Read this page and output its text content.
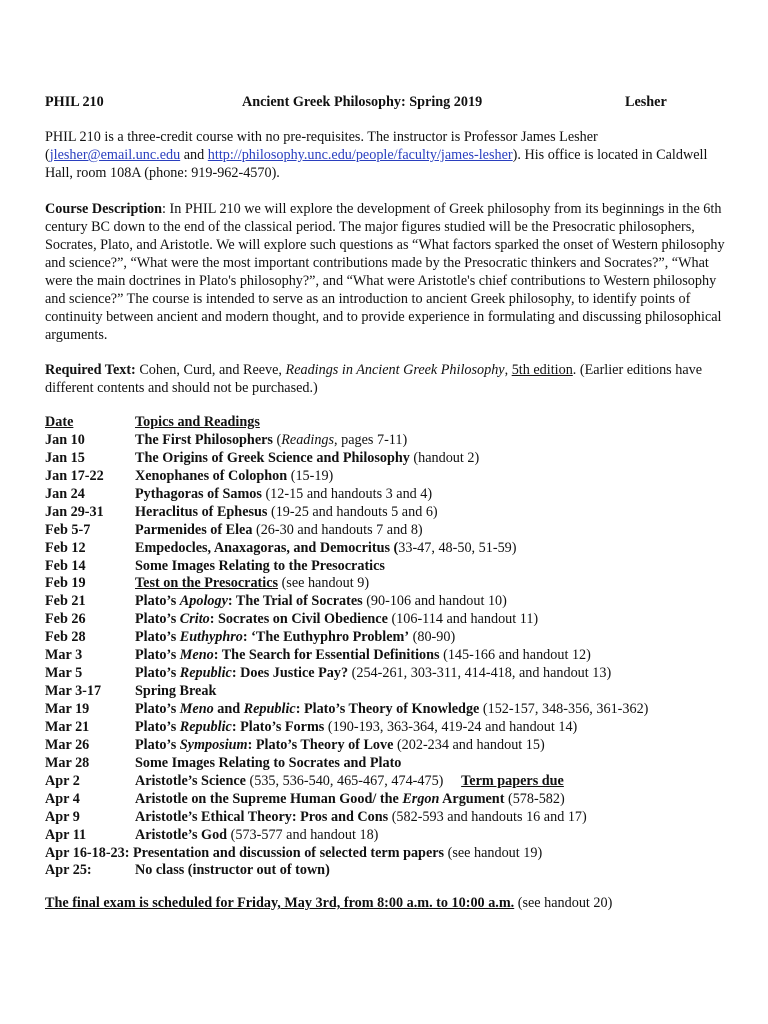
PHIL 210	Ancient Greek Philosophy: Spring 2019	Lesher

PHIL 210 is a three-credit course with no pre-requisites. The instructor is Professor James Lesher (jlesher@email.unc.edu and http://philosophy.unc.edu/people/faculty/james-lesher). His office is located in Caldwell Hall, room 108A (phone: 919-962-4570).

Course Description: In PHIL 210 we will explore the development of Greek philosophy from its beginnings in the 6th century BC down to the end of the classical period. The major figures studied will be the Presocratic philosophers, Socrates, Plato, and Aristotle. We will explore such questions as “What factors sparked the onset of Western philosophy and science?”, “What were the most important contributions made by the Presocratic thinkers and Socrates?”, “What were the main doctrines in Plato's philosophy?”, and “What were Aristotle's chief contributions to Western philosophy and science?” The course is intended to serve as an introduction to ancient Greek philosophy, to identify points of continuity between ancient and modern thought, and to provide experience in formulating and discussing philosophical arguments.

Required Text: Cohen, Curd, and Reeve, Readings in Ancient Greek Philosophy, 5th edition. (Earlier editions have different contents and should not be purchased.)

Date	Topics and Readings
Jan 10	The First Philosophers (Readings, pages 7-11)
Jan 15	The Origins of Greek Science and Philosophy (handout 2)
Jan 17-22 Xenophanes of Colophon (15-19)
Jan 24	Pythagoras of Samos (12-15 and handouts 3 and 4)
Jan 29-31 Heraclitus of Ephesus (19-25 and handouts 5 and 6)
Feb 5-7	Parmenides of Elea (26-30 and handouts 7 and 8)
Feb 12	Empedocles, Anaxagoras, and Democritus (33-47, 48-50, 51-59)
Feb 14	Some Images Relating to the Presocratics
Feb 19	Test on the Presocratics (see handout 9)
Feb 21	Plato’s Apology: The Trial of Socrates (90-106 and handout 10)
Feb 26	Plato’s Crito: Socrates on Civil Obedience (106-114 and handout 11)
Feb 28	Plato’s Euthyphro: ‘The Euthyphro Problem’ (80-90)
Mar 3	Plato’s Meno: The Search for Essential Definitions (145-166 and handout 12)
Mar 5	Plato’s Republic: Does Justice Pay? (254-261, 303-311, 414-418, and handout 13)
Mar 3-17 Spring Break
Mar 19	Plato’s Meno and Republic: Plato’s Theory of Knowledge (152-157, 348-356, 361-362)
Mar 21	Plato’s Republic: Plato’s Forms (190-193, 363-364, 419-24 and handout 14)
Mar 26	Plato’s Symposium: Plato’s Theory of Love (202-234 and handout 15)
Mar 28	Some Images Relating to Socrates and Plato
Apr 2	Aristotle’s Science (535, 536-540, 465-467, 474-475)     Term papers due
Apr 4	Aristotle on the Supreme Human Good/ the Ergon Argument (578-582)
Apr 9	Aristotle’s Ethical Theory: Pros and Cons (582-593 and handouts 16 and 17)
Apr 11	Aristotle’s God (573-577 and handout 18)
Apr 16-18-23: Presentation and discussion of selected term papers (see handout 19)
Apr 25:	No class (instructor out of town)
The final exam is scheduled for Friday, May 3rd, from 8:00 a.m. to 10:00 a.m. (see handout 20)
